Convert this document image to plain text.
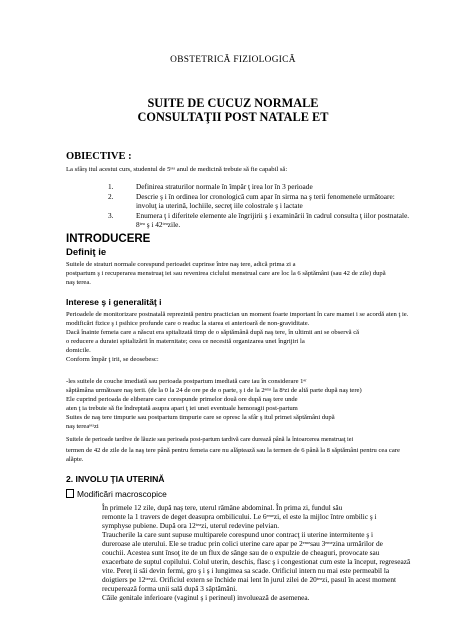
OBSTETRICĂ FIZIOLOGICĂ
SUITE DE CUCUZ NORMALE
CONSULTAŢII POST NATALE ET
OBIECTIVE :
La sfârş itul acestui curs, studentul de 5ᵗᵉᵃ anul de medicină trebuie să fie capabil să:
1.	Definirea straturilor normale în împăr ţ irea lor în 3 perioade
2.	Descrie ş i în ordinea lor cronologică cum apar în sirma na ş terii fenomenele următoare:
involuţ ia uterină, lochiile, secreţ iile colostrale ş i lactate
3.	Enumera ţ i diferitele elemente ale îngrijirii ş i examinării în cadrul consulta ţ iilor postnatale.
8ᵗᵉᵃ ş i 42ᵗᵉᵃzile.
INTRODUCERE
Definiţ ie
Suitele de straturi normale corespund perioadei cuprinse între naş tere, adică prima zi a
postpartum ş i recuperarea menstruaţ iei sau revenirea ciclului menstrual care are loc la 6 săptămâni (sau 42 de zile) după
naş terea.
Interese ş i generalităţ i
Perioadele de monitorizare postnatală reprezintă pentru practician un moment foarte important în care mamei i se acordă aten ţ ie.
modificări fizice ş i psihice profunde care o readuc la starea ei anterioară de non-graviditate.
Dacă înainte femeia care a născut era spitalizată timp de o săptămână după naş tere, în ultimii ani se observă că
o reducere a duratei spitalizării în maternitate; ceea ce necesită organizarea unei îngrijiri la
domicile.
Conform împăr ţ irii, se deosebesc:
-les suitele de couche imediată sau perioada postpartum imediată care iau în considerare 1ᵉʳ
săptămâna următoare naş terii. (de la 0 la 24 de ore pe de o parte, ş i de la 2ᵉᵐᵃ la 8ᵉzi de altă parte după naş tere)
Ele cuprind perioada de eliberare care corespunde primelor două ore după naş tere unde
aten ţ ia trebuie să fie îndreptată asupra apari ţ iei unei eventuale hemoragii post-partum
Suites de naş tere timpurie sau postpartum timpurie care se opresc la sfâr ş itul primei săptămâni după
naş tereaᵗᵉᵃzi
Suitele de perioade tardive de lăuzie sau perioada post-partum tardivă care durează până la întoarcerea menstruaţ iei
termen de 42 de zile de la naş tere până pentru femeia care nu alăptează sau la termen de 6 până la 8 săptămâni pentru cea care
alăpte.
2. INVOLU ŢIA UTERINĂ
Modificări macroscopice
În primele 12 zile, după naş tere, uterul rămâne abdominal. În prima zi, fundul său
remonte la 1 travers de deget deasupra ombilicului. Le 6ᵉᵐᵉzi, el este la mijloc între ombilic ş i
symphyse pubiene. După ora 12ᵗᵉᵃzi, uterul redevine pelvian.
Traucherile la care sunt supuse multiparele corespund unor contracţ ii uterine intermitente ş i
dureroase ale uterului. Ele se traduc prin colici uterine care apar pe 2ᵉᵐᵉsau 3ᵉᵐᵉzina urmărilor de
couchii. Acestea sunt însoţ ite de un flux de sânge sau de o expulzie de cheaguri, provocate sau
exacerbate de suptul copilului. Colul uterin, deschis, flasc ş i congestionat cum este la început, regresează
vite. Pereţ ii săi devin fermi, gro ş i ş i lungimea sa scade. Orificiul intern nu mai este permeabil la
doigtiers pe 12ᵗᵉᵃzi. Orificiul extern se închide mai lent în jurul zilei de 20ᵗᵉᵃzi, pasul în acest moment
recuperează forma unii sală după 3 săptămâni.
Căile genitale inferioare (vaginul ş i perineul) involuează de asemenea.
